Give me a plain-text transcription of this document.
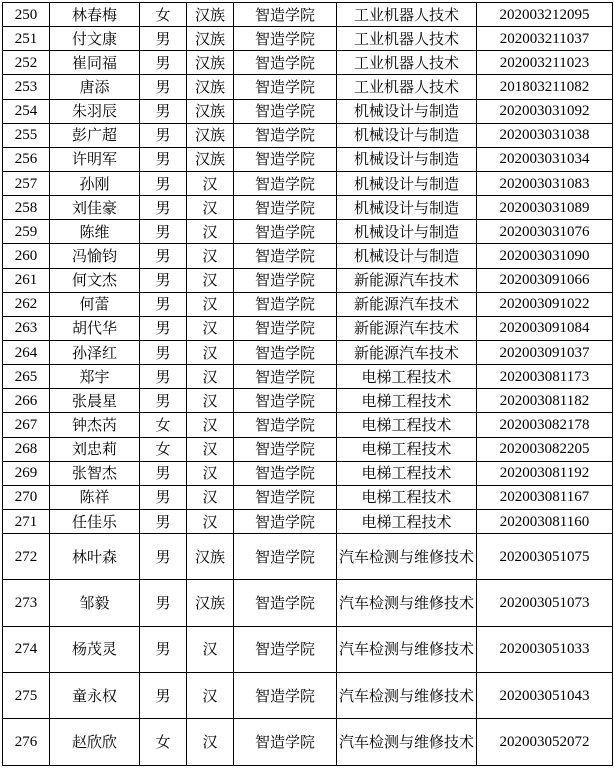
250	林春梅	女	汉族	智造学院	工业机器人技术	202003212095
251	付文康	男	汉族	智造学院	工业机器人技术	202003211037
252	崔同福	男	汉族	智造学院	工业机器人技术	202003211023
253	唐添	男	汉族	智造学院	工业机器人技术	201803211082
254	朱羽辰	男	汉族	智造学院	机械设计与制造	202003031092
255	彭广超	男	汉族	智造学院	机械设计与制造	202003031038
256	许明军	男	汉族	智造学院	机械设计与制造	202003031034
257	孙刚	男	汉	智造学院	机械设计与制造	202003031083
258	刘佳豪	男	汉	智造学院	机械设计与制造	202003031089
259	陈维	男	汉	智造学院	机械设计与制造	202003031076
260	冯愉钧	男	汉	智造学院	机械设计与制造	202003031090
261	何文杰	男	汉	智造学院	新能源汽车技术	202003091066
262	何蕾	男	汉	智造学院	新能源汽车技术	202003091022
263	胡代华	男	汉	智造学院	新能源汽车技术	202003091084
264	孙泽红	男	汉	智造学院	新能源汽车技术	202003091037
265	郑宇	男	汉	智造学院	电梯工程技术	202003081173
266	张晨星	男	汉	智造学院	电梯工程技术	202003081182
267	钟杰芮	女	汉	智造学院	电梯工程技术	202003082178
268	刘忠莉	女	汉	智造学院	电梯工程技术	202003082205
269	张智杰	男	汉	智造学院	电梯工程技术	202003081192
270	陈祥	男	汉	智造学院	电梯工程技术	202003081167
271	任佳乐	男	汉	智造学院	电梯工程技术	202003081160
272	林叶森	男	汉族	智造学院	汽车检测与维修技术	202003051075
273	邹毅	男	汉族	智造学院	汽车检测与维修技术	202003051073
274	杨茂灵	男	汉	智造学院	汽车检测与维修技术	202003051033
275	童永权	男	汉	智造学院	汽车检测与维修技术	202003051043
276	赵欣欣	女	汉	智造学院	汽车检测与维修技术	202003052072
